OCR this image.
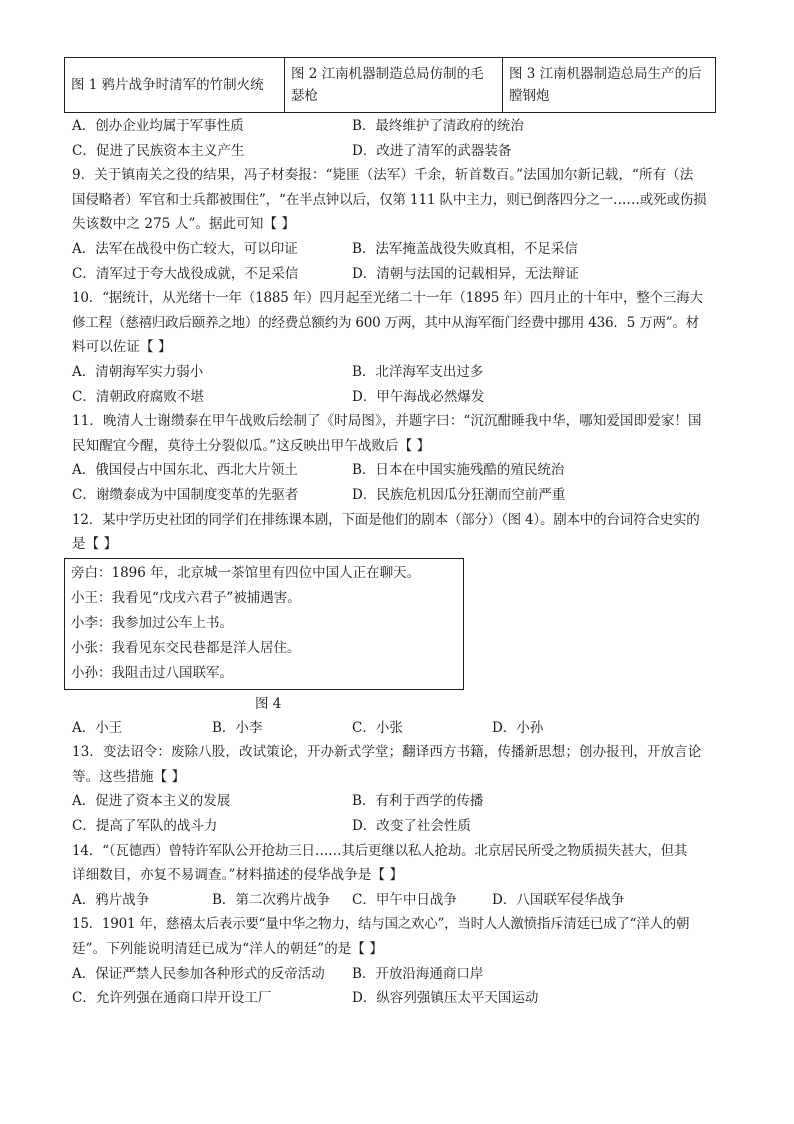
图 1 鸦片战争时清军的竹制火统	图 2 江南机器制造总局仿制的毛瑟枪	图 3 江南机器制造总局生产的后膛钢炮
A．创办企业均属于军事性质	B．最终维护了清政府的统治
C．促进了民族资本主义产生	D．改进了清军的武器装备
9．关于镇南关之役的结果，冯子材奏报：“毙匪（法军）千余，斩首数百。”法国加尔新记载，“所有（法
国侵略者）军官和士兵都被围住”，“在半点钟以后，仅第 111 队中主力，则已倒落四分之一……或死或伤损
失该数中之 275 人”。据此可知【 】
A．法军在战役中伤亡较大，可以印证	B．法军掩盖战役失败真相，不足采信
C．清军过于夸大战役成就，不足采信	D．清朝与法国的记载相异，无法辩证
10．“据统计，从光绪十一年（1885 年）四月起至光绪二十一年（1895 年）四月止的十年中，整个三海大
修工程（慈禧归政后颐养之地）的经费总额约为 600 万两，其中从海军衙门经费中挪用 436．5 万两”。材
料可以佐证【 】
A．清朝海军实力弱小	B．北洋海军支出过多
C．清朝政府腐败不堪	D．甲午海战必然爆发
11．晚清人士谢缵泰在甲午战败后绘制了《时局图》，并题字曰：“沉沉酣睡我中华，哪知爱国即爱家！国
民知醒宜今醒，莫待土分裂似瓜。”这反映出甲午战败后【 】
A．俄国侵占中国东北、西北大片领土	B．日本在中国实施残酷的殖民统治
C．谢缵泰成为中国制度变革的先驱者	D．民族危机因瓜分狂潮而空前严重
12．某中学历史社团的同学们在排练课本剧，下面是他们的剧本（部分）（图 4）。剧本中的台词符合史实的
是【 】
旁白：1896 年，北京城一茶馆里有四位中国人正在聊天。
小王：我看见“戊戌六君子”被捕遇害。
小李：我参加过公车上书。
小张：我看见东交民巷都是洋人居住。
小孙：我阻击过八国联军。
图 4
A．小王	B．小李	C．小张	D．小孙
13．变法诏令：废除八股，改试策论，开办新式学堂；翻译西方书籍，传播新思想；创办报刊，开放言论
等。这些措施【 】
A．促进了资本主义的发展	B．有利于西学的传播
C．提高了军队的战斗力	D．改变了社会性质
14．“（瓦德西）曾特许军队公开抢劫三日……其后更继以私人抢劫。北京居民所受之物质损失甚大，但其
详细数目，亦复不易调查。”材料描述的侵华战争是【 】
A．鸦片战争	B．第二次鸦片战争	C．甲午中日战争	D．八国联军侵华战争
15．1901 年，慈禧太后表示要“量中华之物力，结与国之欢心”，当时人人激愤指斥清廷已成了“洋人的朝
廷”。下列能说明清廷已成为“洋人的朝廷”的是【 】
A．保证严禁人民参加各种形式的反帝活动	B．开放沿海通商口岸
C．允许列强在通商口岸开设工厂	D．纵容列强镇压太平天国运动
